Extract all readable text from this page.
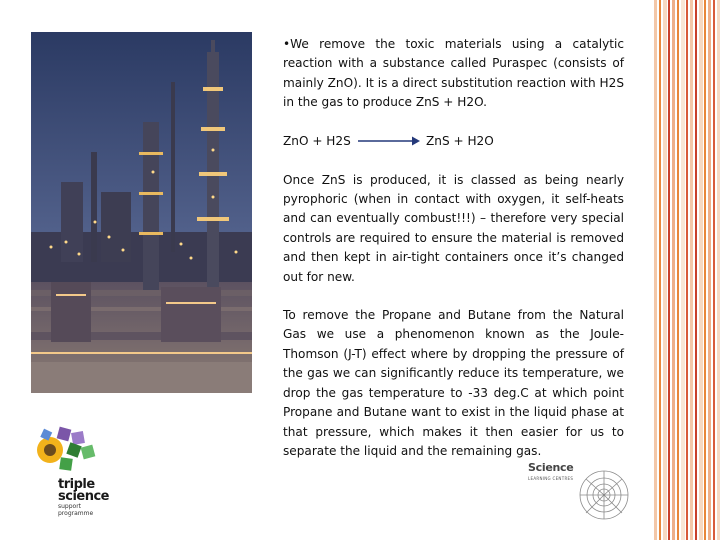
triple
science
support
programme
Science
LEARNING CENTRES

•We remove the toxic materials using a catalytic reaction with a substance called Puraspec (consists of mainly ZnO). It is a direct substitution reaction with H2S in the gas to produce ZnS + H2O.

ZnO + H2S	ZnS + H2O

Once ZnS is produced, it is classed as being nearly pyrophoric (when in contact with oxygen, it self-heats and can eventually combust!!!) – therefore very special controls are required to ensure the material is removed and then kept in air-tight containers once it’s changed out for new.

To remove the Propane and Butane from the Natural Gas we use a phenomenon known as the Joule-Thomson (J-T) effect where by dropping the pressure of the gas we can significantly reduce its temperature, we drop the gas temperature to -33 deg.C at which point Propane and Butane want to exist in the liquid phase at that pressure, which makes it then easier for us to separate the liquid and the remaining gas.
